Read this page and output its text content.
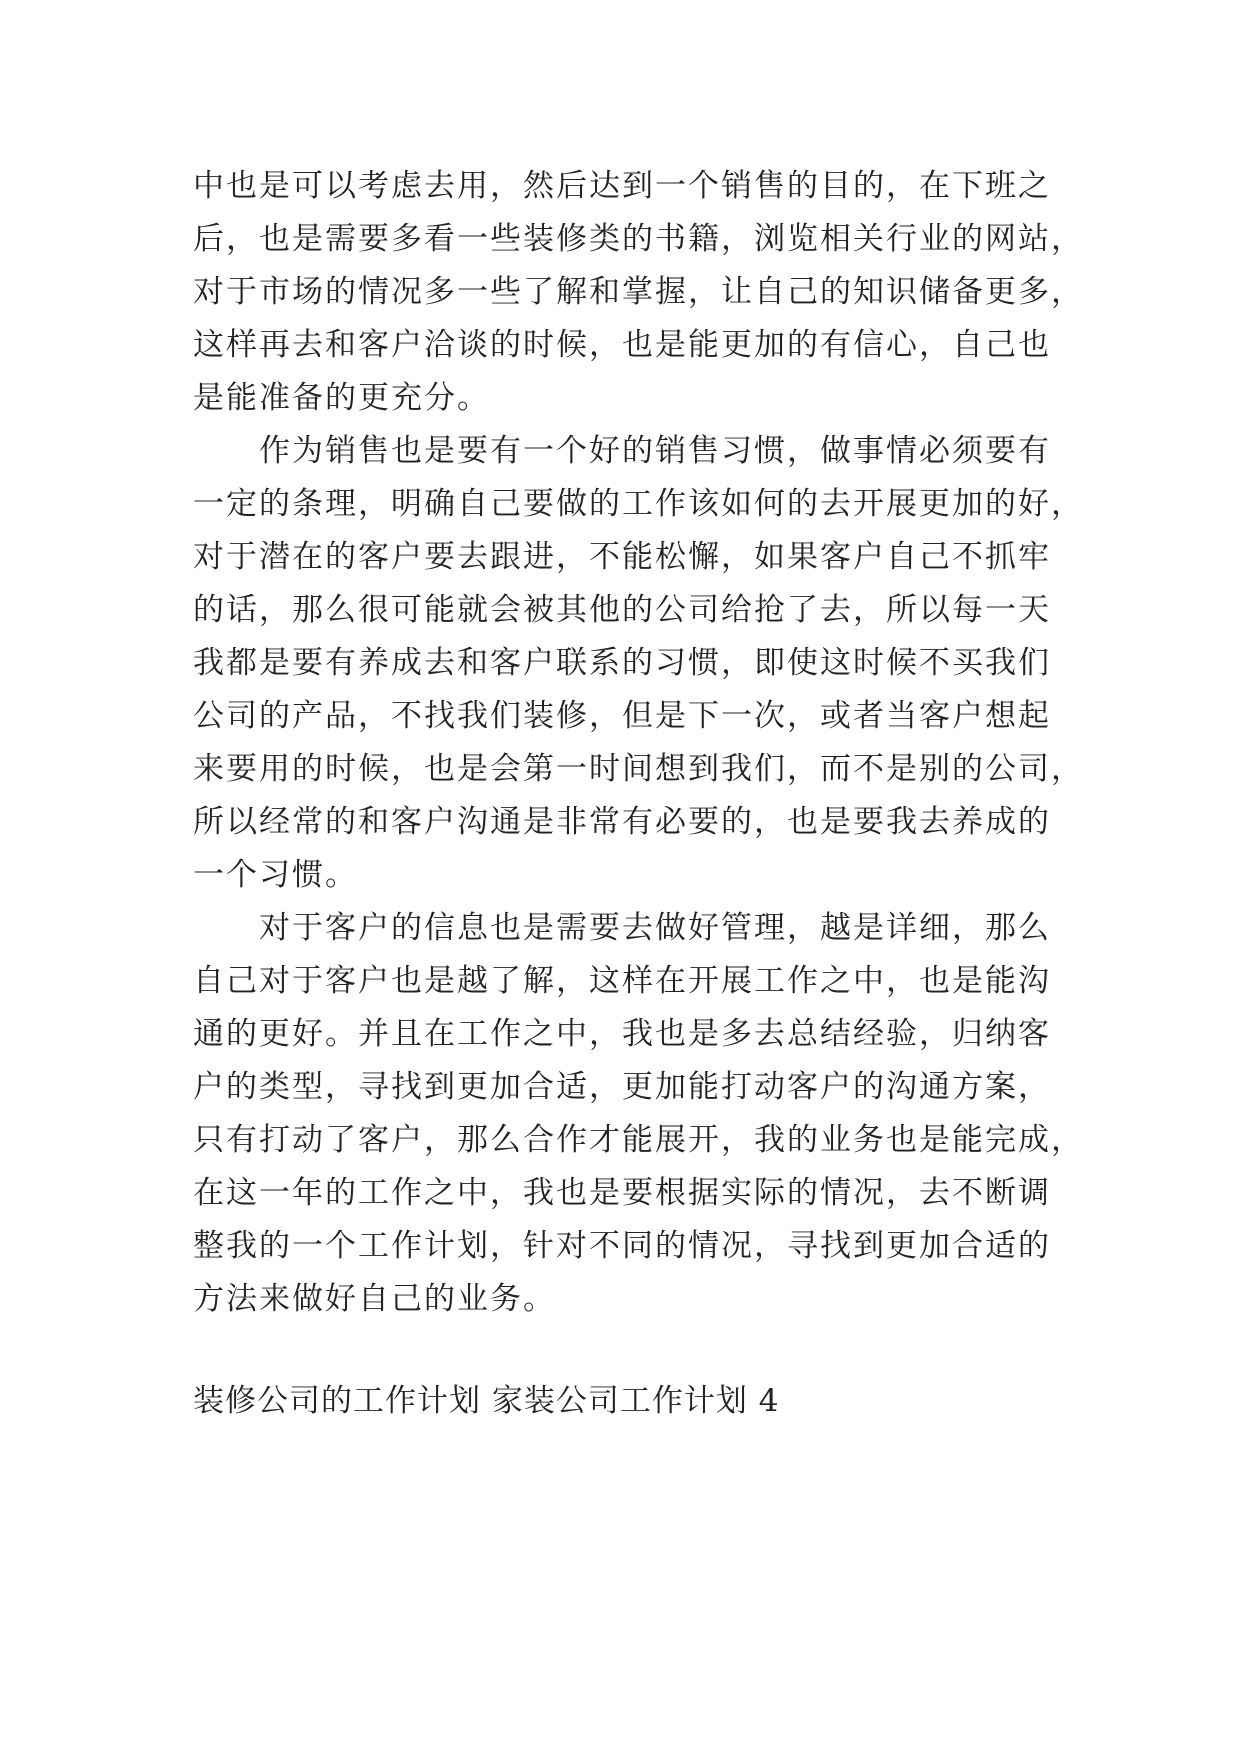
中也是可以考虑去用，然后达到一个销售的目的，在下班之
后，也是需要多看一些装修类的书籍，浏览相关行业的网站，
对于市场的情况多一些了解和掌握，让自己的知识储备更多，
这样再去和客户洽谈的时候，也是能更加的有信心，自己也
是能准备的更充分。
　　作为销售也是要有一个好的销售习惯，做事情必须要有
一定的条理，明确自己要做的工作该如何的去开展更加的好，
对于潜在的客户要去跟进，不能松懈，如果客户自己不抓牢
的话，那么很可能就会被其他的公司给抢了去，所以每一天
我都是要有养成去和客户联系的习惯，即使这时候不买我们
公司的产品，不找我们装修，但是下一次，或者当客户想起
来要用的时候，也是会第一时间想到我们，而不是别的公司，
所以经常的和客户沟通是非常有必要的，也是要我去养成的
一个习惯。
　　对于客户的信息也是需要去做好管理，越是详细，那么
自己对于客户也是越了解，这样在开展工作之中，也是能沟
通的更好。并且在工作之中，我也是多去总结经验，归纳客
户的类型，寻找到更加合适，更加能打动客户的沟通方案，
只有打动了客户，那么合作才能展开，我的业务也是能完成，
在这一年的工作之中，我也是要根据实际的情况，去不断调
整我的一个工作计划，针对不同的情况，寻找到更加合适的
方法来做好自己的业务。
装修公司的工作计划 家装公司工作计划 4
